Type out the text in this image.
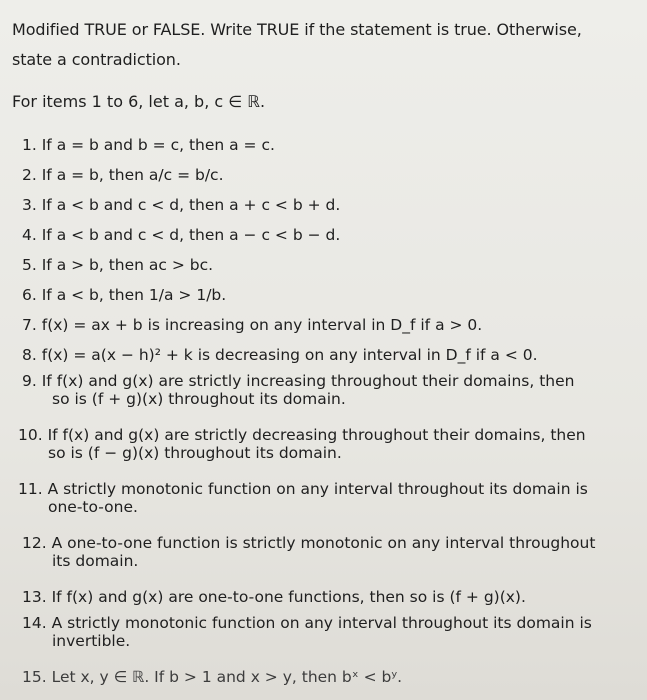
Modified TRUE or FALSE. Write TRUE if the statement is true. Otherwise,
state a contradiction.
For items 1 to 6, let a, b, c ∈ ℝ.
1. If a = b and b = c, then a = c.
2. If a = b, then a/c = b/c.
3. If a < b and c < d, then a + c < b + d.
4. If a < b and c < d, then a − c < b − d.
5. If a > b, then ac > bc.
6. If a < b, then 1/a > 1/b.
7. f(x) = ax + b is increasing on any interval in D_f if a > 0.
8. f(x) = a(x − h)² + k is decreasing on any interval in D_f if a < 0.
9. If f(x) and g(x) are strictly increasing throughout their domains, then
so is (f + g)(x) throughout its domain.
10. If f(x) and g(x) are strictly decreasing throughout their domains, then
so is (f − g)(x) throughout its domain.
11. A strictly monotonic function on any interval throughout its domain is
one-to-one.
12. A one-to-one function is strictly monotonic on any interval throughout
its domain.
13. If f(x) and g(x) are one-to-one functions, then so is (f + g)(x).
14. A strictly monotonic function on any interval throughout its domain is
invertible.
15. Let x, y ∈ ℝ. If b > 1 and x > y, then bˣ < bʸ.
